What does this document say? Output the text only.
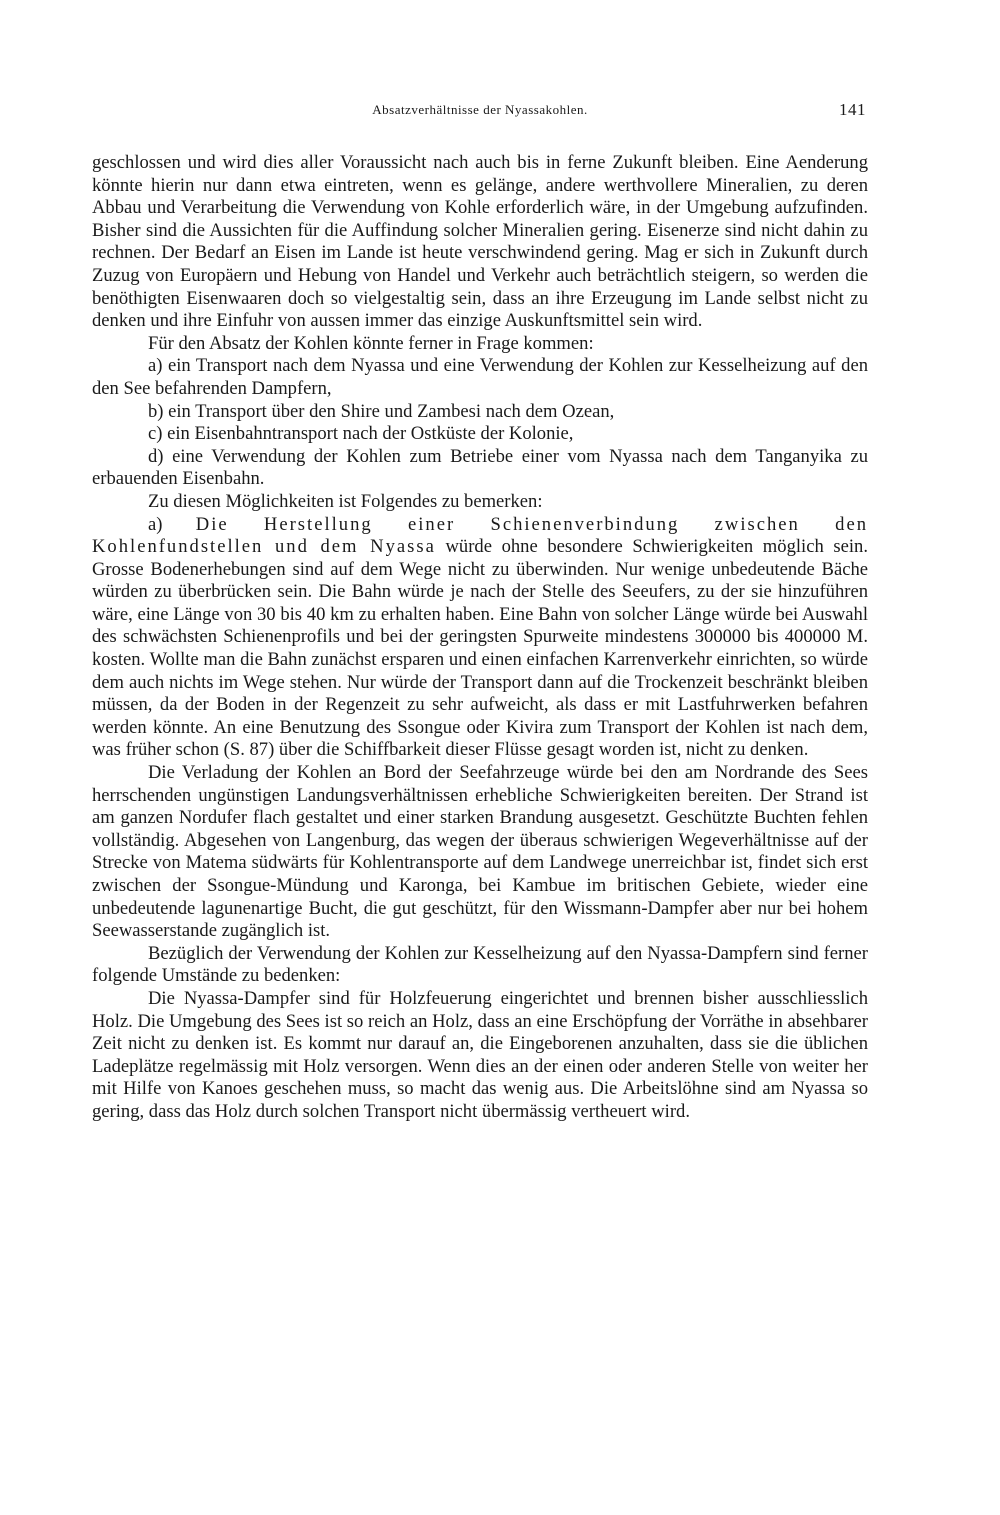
Absatzverhältnisse der Nyassakohlen.	141

geschlossen und wird dies aller Voraussicht nach auch bis in ferne Zukunft bleiben. Eine Aenderung könnte hierin nur dann etwa eintreten, wenn es gelänge, andere werthvollere Mineralien, zu deren Abbau und Verarbeitung die Verwendung von Kohle erforderlich wäre, in der Umgebung aufzufinden. Bisher sind die Aussichten für die Auffindung solcher Mineralien gering. Eisenerze sind nicht dahin zu rechnen. Der Bedarf an Eisen im Lande ist heute verschwindend gering. Mag er sich in Zukunft durch Zuzug von Europäern und Hebung von Handel und Verkehr auch beträchtlich steigern, so werden die benöthigten Eisenwaaren doch so vielgestaltig sein, dass an ihre Erzeugung im Lande selbst nicht zu denken und ihre Einfuhr von aussen immer das einzige Auskunftsmittel sein wird.

Für den Absatz der Kohlen könnte ferner in Frage kommen:

a) ein Transport nach dem Nyassa und eine Verwendung der Kohlen zur Kesselheizung auf den den See befahrenden Dampfern,

b) ein Transport über den Shire und Zambesi nach dem Ozean,

c) ein Eisenbahntransport nach der Ostküste der Kolonie,

d) eine Verwendung der Kohlen zum Betriebe einer vom Nyassa nach dem Tanganyika zu erbauenden Eisenbahn.

Zu diesen Möglichkeiten ist Folgendes zu bemerken:

a) Die Herstellung einer Schienenverbindung zwischen den Kohlenfundstellen und dem Nyassa würde ohne besondere Schwierigkeiten möglich sein. Grosse Bodenerhebungen sind auf dem Wege nicht zu überwinden. Nur wenige unbedeutende Bäche würden zu überbrücken sein. Die Bahn würde je nach der Stelle des Seeufers, zu der sie hinzuführen wäre, eine Länge von 30 bis 40 km zu erhalten haben. Eine Bahn von solcher Länge würde bei Auswahl des schwächsten Schienenprofils und bei der geringsten Spurweite mindestens 300000 bis 400000 M. kosten. Wollte man die Bahn zunächst ersparen und einen einfachen Karrenverkehr einrichten, so würde dem auch nichts im Wege stehen. Nur würde der Transport dann auf die Trockenzeit beschränkt bleiben müssen, da der Boden in der Regenzeit zu sehr aufweicht, als dass er mit Lastfuhrwerken befahren werden könnte. An eine Benutzung des Ssongue oder Kivira zum Transport der Kohlen ist nach dem, was früher schon (S. 87) über die Schiffbarkeit dieser Flüsse gesagt worden ist, nicht zu denken.

Die Verladung der Kohlen an Bord der Seefahrzeuge würde bei den am Nordrande des Sees herrschenden ungünstigen Landungsverhältnissen erhebliche Schwierigkeiten bereiten. Der Strand ist am ganzen Nordufer flach gestaltet und einer starken Brandung ausgesetzt. Geschützte Buchten fehlen vollständig. Abgesehen von Langenburg, das wegen der überaus schwierigen Wegeverhältnisse auf der Strecke von Matema südwärts für Kohlentransporte auf dem Landwege unerreichbar ist, findet sich erst zwischen der Ssongue-Mündung und Karonga, bei Kambue im britischen Gebiete, wieder eine unbedeutende lagunenartige Bucht, die gut geschützt, für den Wissmann-Dampfer aber nur bei hohem Seewasserstande zugänglich ist.

Bezüglich der Verwendung der Kohlen zur Kesselheizung auf den Nyassa-Dampfern sind ferner folgende Umstände zu bedenken:

Die Nyassa-Dampfer sind für Holzfeuerung eingerichtet und brennen bisher ausschliesslich Holz. Die Umgebung des Sees ist so reich an Holz, dass an eine Erschöpfung der Vorräthe in absehbarer Zeit nicht zu denken ist. Es kommt nur darauf an, die Eingeborenen anzuhalten, dass sie die üblichen Ladeplätze regelmässig mit Holz versorgen. Wenn dies an der einen oder anderen Stelle von weiter her mit Hilfe von Kanoes geschehen muss, so macht das wenig aus. Die Arbeitslöhne sind am Nyassa so gering, dass das Holz durch solchen Transport nicht übermässig vertheuert wird.
